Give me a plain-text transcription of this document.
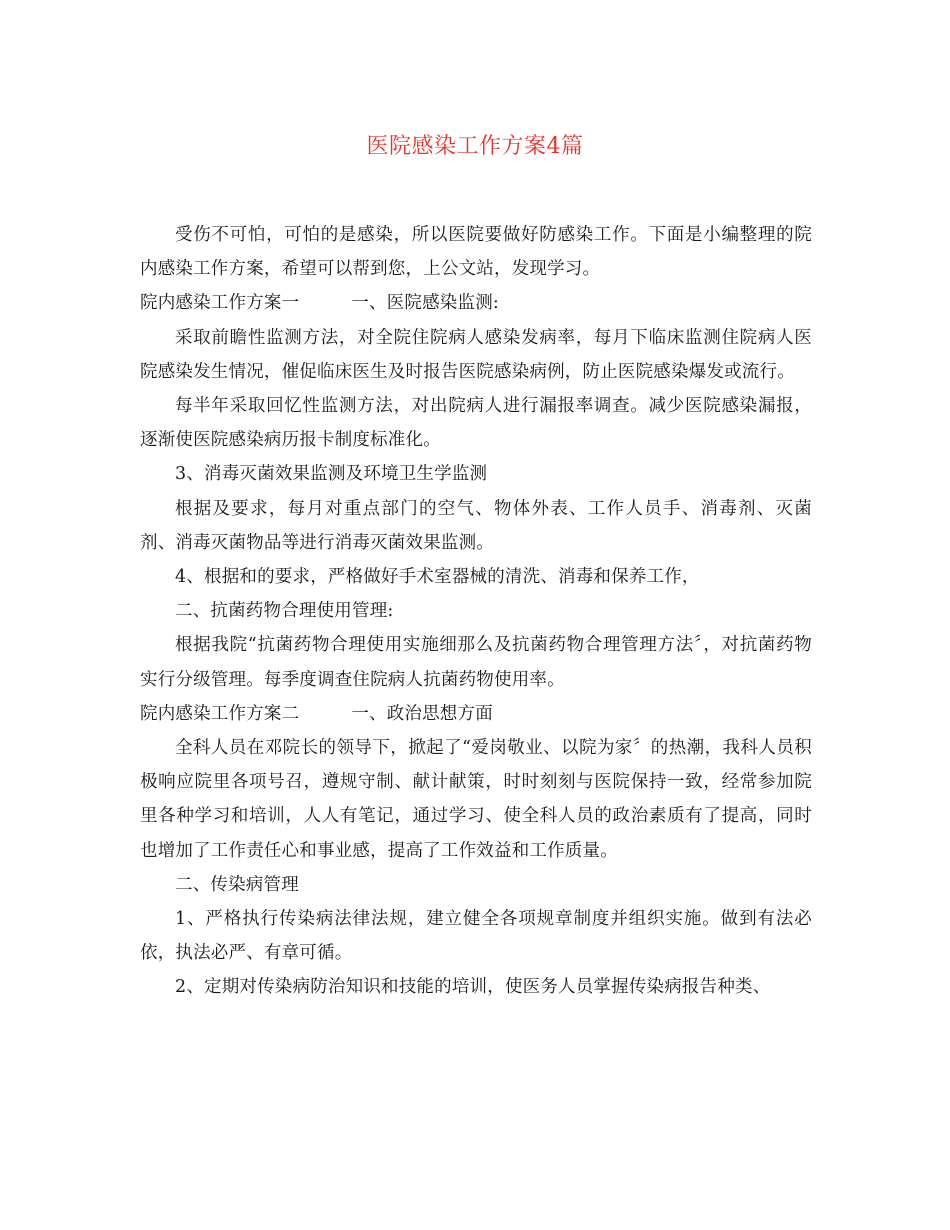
医院感染工作方案4篇

受伤不可怕，可怕的是感染，所以医院要做好防感染工作。下面是小编整理的院内感染工作方案，希望可以帮到您，上公文站，发现学习。

院内感染工作方案一	一、医院感染监测:

采取前瞻性监测方法，对全院住院病人感染发病率，每月下临床监测住院病人医院感染发生情况，催促临床医生及时报告医院感染病例，防止医院感染爆发或流行。

每半年采取回忆性监测方法，对出院病人进行漏报率调查。减少医院感染漏报，逐渐使医院感染病历报卡制度标准化。

3、消毒灭菌效果监测及环境卫生学监测

根据及要求，每月对重点部门的空气、物体外表、工作人员手、消毒剂、灭菌剂、消毒灭菌物品等进行消毒灭菌效果监测。

4、根据和的要求，严格做好手术室器械的清洗、消毒和保养工作，

二、抗菌药物合理使用管理:

根据我院“抗菌药物合理使用实施细那么及抗菌药物合理管理方法〞，对抗菌药物实行分级管理。每季度调查住院病人抗菌药物使用率。

院内感染工作方案二	一、政治思想方面

全科人员在邓院长的领导下，掀起了“爱岗敬业、以院为家〞的热潮，我科人员积极响应院里各项号召，遵规守制、献计献策，时时刻刻与医院保持一致，经常参加院里各种学习和培训，人人有笔记，通过学习、使全科人员的政治素质有了提高，同时也增加了工作责任心和事业感，提高了工作效益和工作质量。

二、传染病管理

1、严格执行传染病法律法规，建立健全各项规章制度并组织实施。做到有法必依，执法必严、有章可循。

2、定期对传染病防治知识和技能的培训，使医务人员掌握传染病报告种类、
